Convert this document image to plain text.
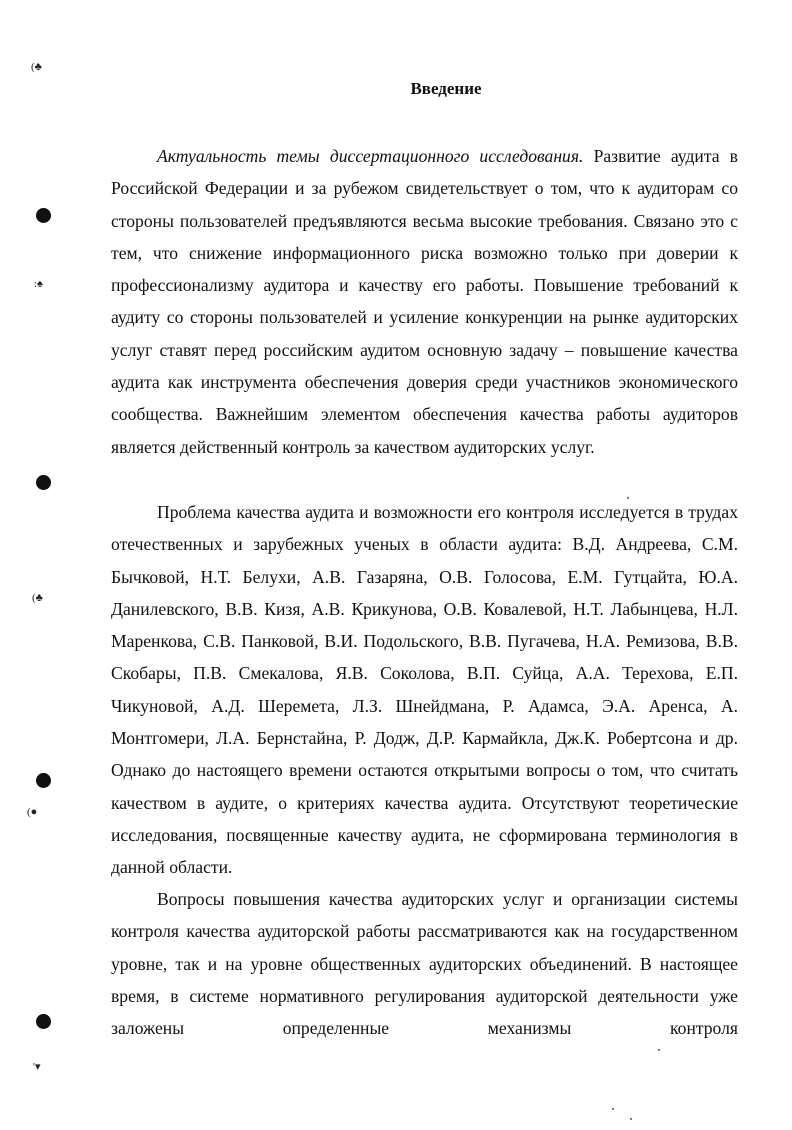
(♣
:♠
(♣
(●
'▾
Введение

Актуальность темы диссертационного исследования. Развитие аудита в Российской Федерации и за рубежом свидетельствует о том, что к аудиторам со стороны пользователей предъявляются весьма высокие требования. Связано это с тем, что снижение информационного риска возможно только при доверии к профессионализму аудитора и качеству его работы. Повышение требований к аудиту со стороны пользователей и усиление конкуренции на рынке аудиторских услуг ставят перед российским аудитом основную задачу – повышение качества аудита как инструмента обеспечения доверия среди участников экономического сообщества. Важнейшим элементом обеспечения качества работы аудиторов является действенный контроль за качеством аудиторских услуг.

Проблема качества аудита и возможности его контроля исследуется в трудах отечественных и зарубежных ученых в области аудита: В.Д. Андреева, С.М. Бычковой, Н.Т. Белухи, А.В. Газаряна, О.В. Голосова, Е.М. Гутцайта, Ю.А. Данилевского, В.В. Кизя, А.В. Крикунова, О.В. Ковалевой, Н.Т. Лабынцева, Н.Л. Маренкова, С.В. Панковой, В.И. Подольского, В.В. Пугачева, Н.А. Ремизова, В.В. Скобары, П.В. Смекалова, Я.В. Соколова, В.П. Суйца, А.А. Терехова, Е.П. Чикуновой, А.Д. Шеремета, Л.З. Шнейдмана, Р. Адамса, Э.А. Аренса, А. Монтгомери, Л.А. Бернстайна, Р. Додж, Д.Р. Кармайкла, Дж.К. Робертсона и др. Однако до настоящего времени остаются открытыми вопросы о том, что считать качеством в аудите, о критериях качества аудита. Отсутствуют теоретические исследования, посвященные качеству аудита, не сформирована терминология в данной области.

Вопросы повышения качества аудиторских услуг и организации системы контроля качества аудиторской работы рассматриваются как на государственном уровне, так и на уровне общественных аудиторских объединений. В настоящее время, в системе нормативного регулирования аудиторской деятельности уже заложены определенные механизмы контроля
